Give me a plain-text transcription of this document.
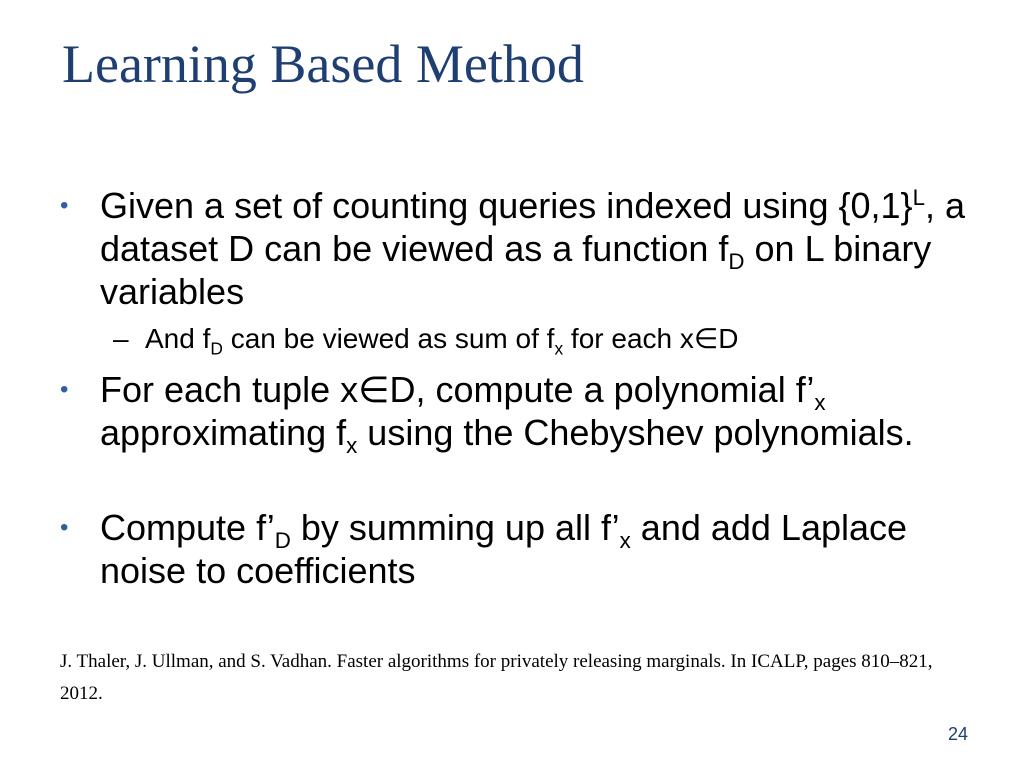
Learning Based Method
• Given a set of counting queries indexed using $\{0,1\}^L$, a dataset D can be viewed as a function $f_D$ on L binary variables
– And $f_D$ can be viewed as sum of $f_x$ for each x∈D
• For each tuple x∈D, compute a polynomial $f’_x$ approximating $f_x$ using the Chebyshev polynomials.
• Compute $f’_D$ by summing up all $f’_x$ and add Laplace noise to coefficients
J. Thaler, J. Ullman, and S. Vadhan. Faster algorithms for privately releasing marginals. In ICALP, pages 810–821, 2012.
24
